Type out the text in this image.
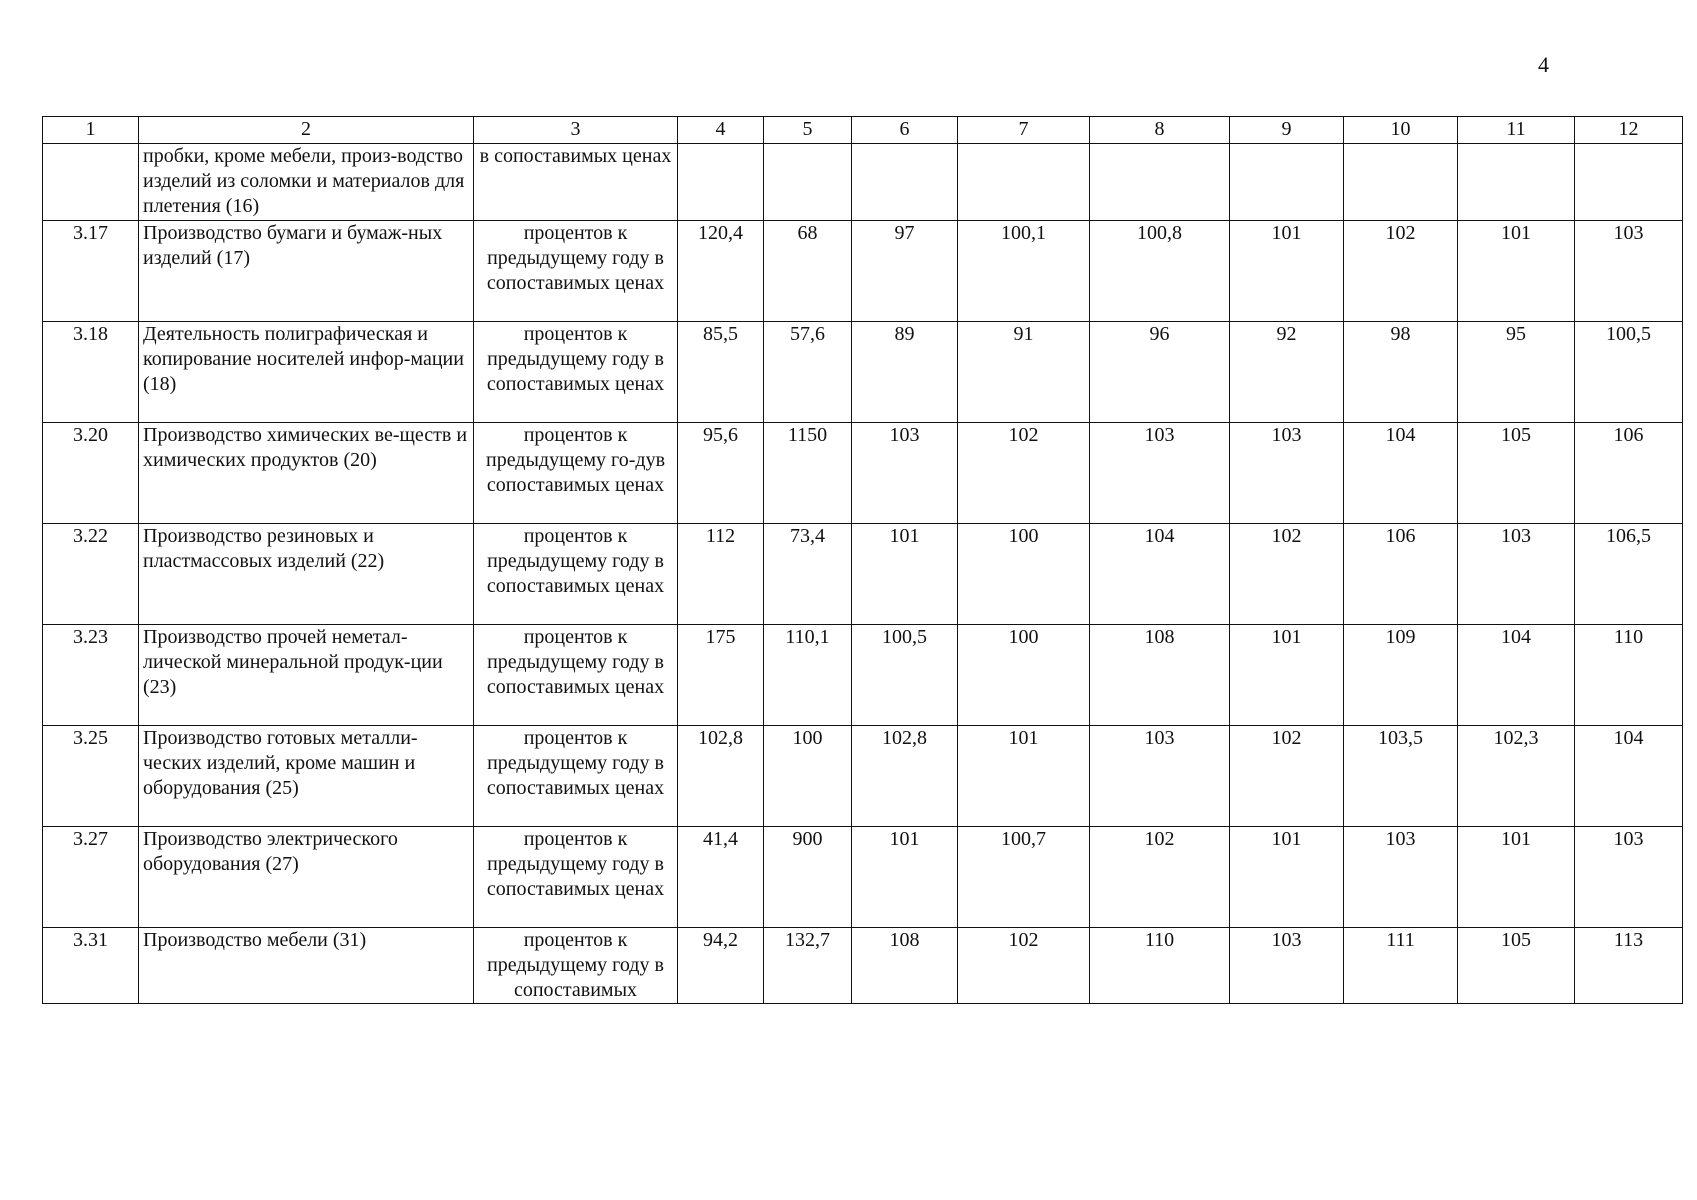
4
1	2	3	4	5	6	7	8	9	10	11	12
	пробки, кроме мебели, произ-водство изделий из соломки и материалов для плетения (16)	в сопоставимых ценах									
3.17	Производство бумаги и бумаж-ных изделий (17)	процентов к предыдущему году в сопоставимых ценах	120,4	68	97	100,1	100,8	101	102	101	103
3.18	Деятельность полиграфическая и копирование носителей инфор-мации (18)	процентов к предыдущему году в сопоставимых ценах	85,5	57,6	89	91	96	92	98	95	100,5
3.20	Производство химических ве-ществ и химических продуктов (20)	процентов к предыдущему го-дув сопоставимых ценах	95,6	1150	103	102	103	103	104	105	106
3.22	Производство резиновых и пластмассовых изделий (22)	процентов к предыдущему году в сопоставимых ценах	112	73,4	101	100	104	102	106	103	106,5
3.23	Производство прочей неметал-лической минеральной продук-ции (23)	процентов к предыдущему году в сопоставимых ценах	175	110,1	100,5	100	108	101	109	104	110
3.25	Производство готовых металли-ческих изделий, кроме машин и оборудования (25)	процентов к предыдущему году в сопоставимых ценах	102,8	100	102,8	101	103	102	103,5	102,3	104
3.27	Производство электрического оборудования (27)	процентов к предыдущему году в сопоставимых ценах	41,4	900	101	100,7	102	101	103	101	103
3.31	Производство мебели (31)	процентов к предыдущему году в сопоставимых	94,2	132,7	108	102	110	103	111	105	113
